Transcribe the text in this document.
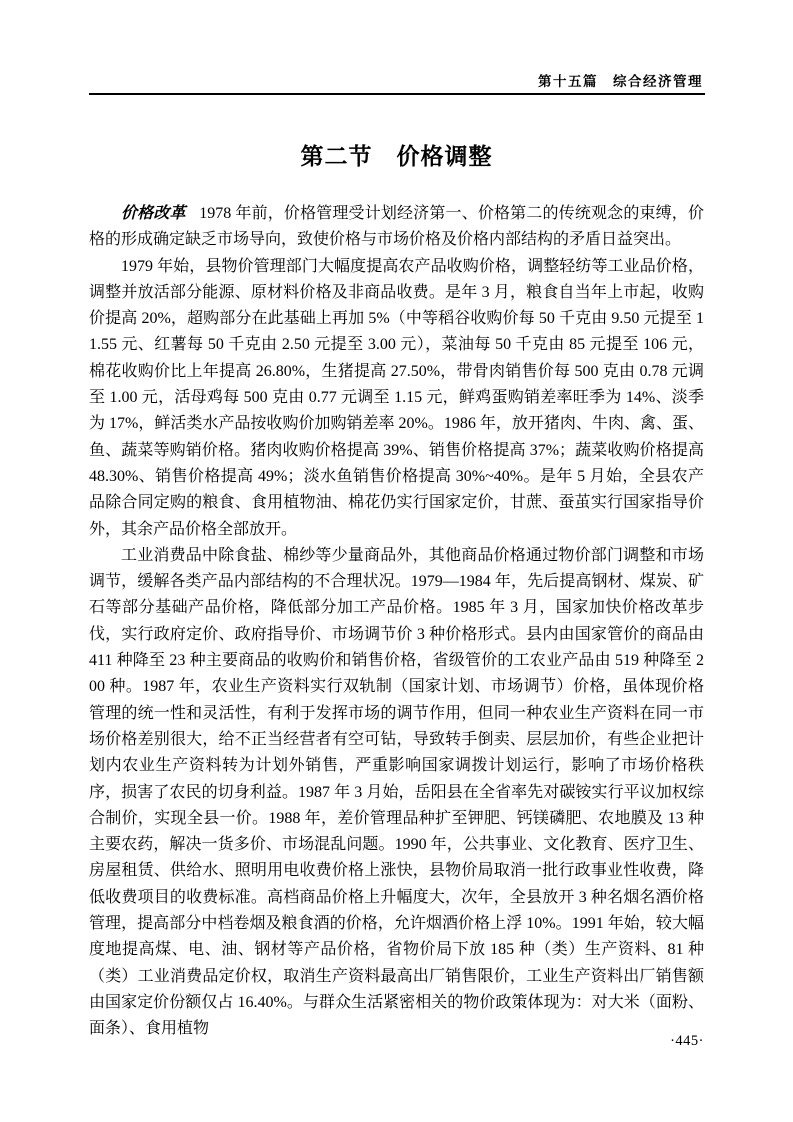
第十五篇　综合经济管理
第二节　价格调整

价格改革 1978 年前，价格管理受计划经济第一、价格第二的传统观念的束缚，价格的形成确定缺乏市场导向，致使价格与市场价格及价格内部结构的矛盾日益突出。

1979 年始，县物价管理部门大幅度提高农产品收购价格，调整轻纺等工业品价格，调整并放活部分能源、原材料价格及非商品收费。是年 3 月，粮食自当年上市起，收购价提高 20%，超购部分在此基础上再加 5%（中等稻谷收购价每 50 千克由 9.50 元提至 11.55 元、红薯每 50 千克由 2.50 元提至 3.00 元），菜油每 50 千克由 85 元提至 106 元，棉花收购价比上年提高 26.80%，生猪提高 27.50%，带骨肉销售价每 500 克由 0.78 元调至 1.00 元，活母鸡每 500 克由 0.77 元调至 1.15 元，鲜鸡蛋购销差率旺季为 14%、淡季为 17%，鲜活类水产品按收购价加购销差率 20%。1986 年，放开猪肉、牛肉、禽、蛋、鱼、蔬菜等购销价格。猪肉收购价格提高 39%、销售价格提高 37%；蔬菜收购价格提高 48.30%、销售价格提高 49%；淡水鱼销售价格提高 30%~40%。是年 5 月始，全县农产品除合同定购的粮食、食用植物油、棉花仍实行国家定价，甘蔗、蚕茧实行国家指导价外，其余产品价格全部放开。

工业消费品中除食盐、棉纱等少量商品外，其他商品价格通过物价部门调整和市场调节，缓解各类产品内部结构的不合理状况。1979—1984 年，先后提高钢材、煤炭、矿石等部分基础产品价格，降低部分加工产品价格。1985 年 3 月，国家加快价格改革步伐，实行政府定价、政府指导价、市场调节价 3 种价格形式。县内由国家管价的商品由 411 种降至 23 种主要商品的收购价和销售价格，省级管价的工农业产品由 519 种降至 200 种。1987 年，农业生产资料实行双轨制（国家计划、市场调节）价格，虽体现价格管理的统一性和灵活性，有利于发挥市场的调节作用，但同一种农业生产资料在同一市场价格差别很大，给不正当经营者有空可钻，导致转手倒卖、层层加价，有些企业把计划内农业生产资料转为计划外销售，严重影响国家调拨计划运行，影响了市场价格秩序，损害了农民的切身利益。1987 年 3 月始，岳阳县在全省率先对碳铵实行平议加权综合制价，实现全县一价。1988 年，差价管理品种扩至钾肥、钙镁磷肥、农地膜及 13 种主要农药，解决一货多价、市场混乱问题。1990 年，公共事业、文化教育、医疗卫生、房屋租赁、供给水、照明用电收费价格上涨快，县物价局取消一批行政事业性收费，降低收费项目的收费标准。高档商品价格上升幅度大，次年，全县放开 3 种名烟名酒价格管理，提高部分中档卷烟及粮食酒的价格，允许烟酒价格上浮 10%。1991 年始，较大幅度地提高煤、电、油、钢材等产品价格，省物价局下放 185 种（类）生产资料、81 种（类）工业消费品定价权，取消生产资料最高出厂销售限价，工业生产资料出厂销售额由国家定价份额仅占 16.40%。与群众生活紧密相关的物价政策体现为：对大米（面粉、面条）、食用植物

·445·
